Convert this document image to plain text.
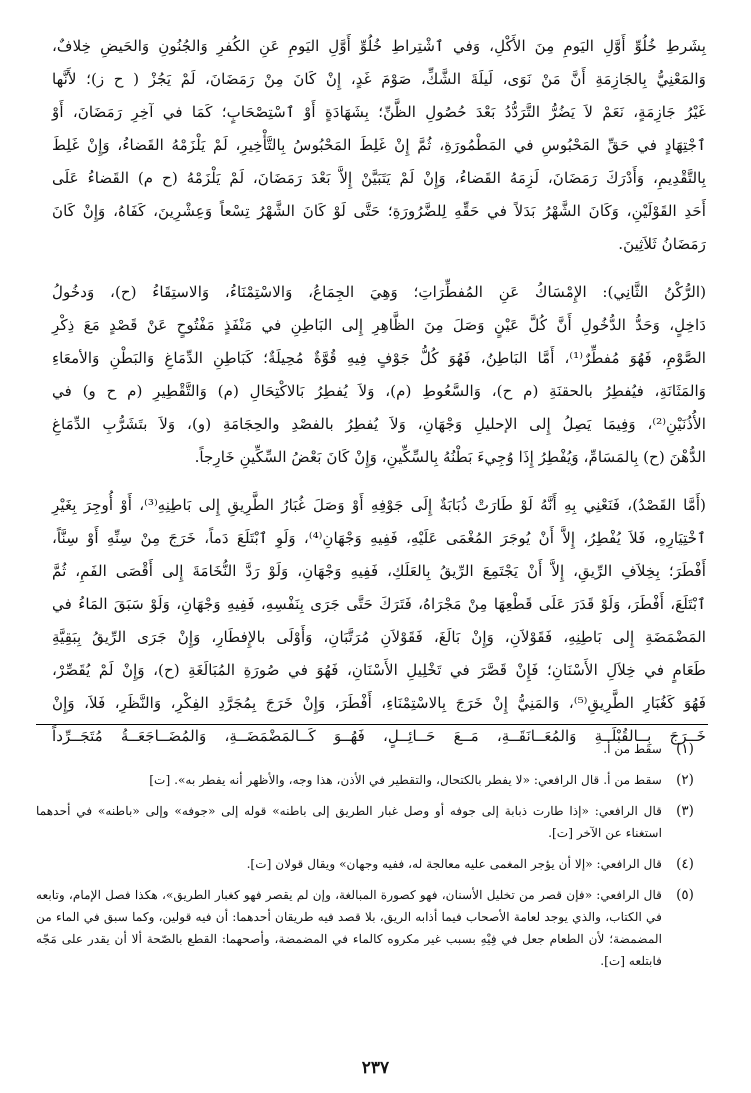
بِشَرطِ خُلُوِّ أَوَّلِ اليَومِ مِنَ الأَكْلِ، وَفي ٱشْتِراطِ خُلُوِّ أَوَّلِ اليَومِ عَنِ الكُفرِ وَالجُنُونِ وَالحَيضِ خِلافٌ،
وَالمَعْنِيُّ بِالجَازِمَةِ أَنَّ مَنْ نَوَى، لَيلَةَ الشَّكِّ، صَوْمَ غَدٍ، إِنْ كَانَ مِنْ رَمَضَانَ، لَمْ يَجُزْ ( ح ز)؛ لأَنَّها
غَيْرُ جَازِمَةٍ، نَعَمْ لاَ يَضُرُّ التَّرَدُّدُ بَعْدَ حُصُولِ الظَّنِّ؛ بِشَهَادَةٍ أَوْ ٱسْتِصْحَابٍ؛ كَمَا في آخِرِ رَمَضَانَ، أَوْ
ٱجْتِهَادٍ في حَقِّ المَحْبُوسِ في المَطْمُورَةِ، ثُمَّ إِنْ غَلِطَ المَحْبُوسُ بِالتَّأْخِيرِ، لَمْ يَلْزَمْهُ القَضاءُ، وَإِنْ غَلِطَ
بِالتَّقْدِيمِ، وَأَدْرَكَ رَمَضَانَ، لَزِمَهُ القَضاءُ، وَإِنْ لَمْ يَتَبَيَّنْ إِلاَّ بَعْدَ رَمَضَانَ، لَمْ يَلْزَمْهُ (ح م) القَضاءُ عَلَى
أَحَدِ القَوْلَيْنِ، وَكَانَ الشَّهْرُ بَدَلاً في حَقِّهِ لِلضَّرُورَةِ؛ حَتَّى لَوْ كَانَ الشَّهْرُ تِسْعاً وَعِشْرِينَ، كَفَاهُ، وَإِنْ كَانَ
رَمَضَانُ ثَلاَثِينَ.
(الرُّكْنُ الثَّانِي): الإِمْسَاكُ عَنِ المُفطِّرَاتِ؛ وَهِيَ الجِمَاعُ، وَالاسْتِمْنَاءُ، وَالاستِقَاءُ (ح)، وَدخُولُ
دَاخِلٍ، وَحَدُّ الدُّخُولِ أَنَّ كُلَّ عَيْنٍ وَصَلَ مِنَ الظَّاهِرِ إِلى البَاطِنِ في مَنْفَذٍ مَفْتُوحٍ عَنْ قَصْدٍ مَعَ ذِكْرِ
الصَّوْمِ، فَهُوَ مُفطِّرٌ⁽¹⁾، أَمَّا البَاطِنُ، فَهُوَ كُلُّ جَوْفٍ فِيهِ قُوَّةٌ مُحِيلَةٌ؛ كَبَاطِنِ الدِّمَاغِ وَالبَطْنِ وَالأمعَاءِ
وَالمَثَانَةِ، فيُفطِرُ بالحقنَةِ (م ح)، وَالسَّعُوطِ (م)، وَلاَ يُفطِرُ بَالاكْتِحَالِ (م) وَالتَّقْطِيرِ (م ح و) في
الأُذُنَيْنِ⁽²⁾، وَفِيمَا يَصِلُ إِلى الإحليلِ وَجْهَانِ، وَلاَ يُفطِرُ بالفصْدِ والحِجَامَةِ (و)، وَلاَ بتَشَرُّبِ الدِّمَاغِ
الدُّهْنَ (ح) بِالمَسَامِّ، وَيُفْطِرُ إِذَا وُجِيءَ بَطْنُهُ بِالسِّكِّينِ، وَإِنْ كَانَ بَعْضُ السِّكِّينِ خَارِجاً.
(أَمَّا القَصْدُ)، فَنَعْنِي بِهِ أَنَّهُ لَوْ طَارَتْ ذُبَابَةٌ إِلَى جَوْفِهِ أَوْ وَصَلَ غُبَارُ الطَّرِيقِ إِلى بَاطِنِهِ⁽³⁾، أَوْ أُوجِرَ بِغَيْرِ
ٱخْتِيَارِهِ، فَلاَ يُفْطِرُ، إِلاَّ أَنْ يُوجَرَ المُغْمَى عَلَيْهِ، فَفِيهِ وَجْهَانِ⁽⁴⁾، وَلَوِ ٱبْتَلَعَ دَماً، خَرَجَ مِنْ سِنِّهِ أَوْ سِنَّاً،
أَفْطَرَ؛ بِخِلاَفِ الرِّيقِ، إِلاَّ أَنْ يَجْتَمِعَ الرِّيقُ بِالعَلَكِ، فَفِيهِ وَجْهَانِ، وَلَوْ رَدَّ النُّخَامَةَ إِلى أَقْصَى الفَمِ، ثُمَّ
ٱبْتَلَعَ، أَفْطَرَ، وَلَوْ قَدَرَ عَلَى قَطْعِهَا مِنْ مَجْرَاهُ، فَتَرَكَ حَتَّى جَرَى بِنَفْسِهِ، فَفِيهِ وَجْهَانِ، وَلَوْ سَبَقَ المَاءُ في
المَضْمَضَةِ إِلى بَاطِنِهِ، فَقَوْلاَنِ، وَإِنْ بَالَغَ، فَقَوْلاَنِ مُرَتَّبَانِ، وَأَوْلَى بالإِفطَارِ، وَإِنْ جَرَى الرِّيقُ بِبَقِيَّةِ
طَعَامٍ في خِلاَلِ الأَسْنَانِ؛ فَإِنْ قَصَّرَ في تَخْلِيلِ الأَسْنَانِ، فَهُوَ في صُورَةِ المُبَالَغَةِ (ح)، وَإِنْ لَمْ يُقَصِّرْ،
فَهُوَ كَغُبَارِ الطَّرِيقِ⁽⁵⁾، وَالمَنِيُّ إِنْ خَرَجَ بِالاسْتِمْنَاءِ، أَفْطَرَ، وَإِنْ خَرَجَ بِمُجَرَّدِ الفِكْرِ، وَالنَّظَرِ، فَلاَ، وَإِنْ
خَــرَجَ بِــالقُبْلَــةِ وَالمُعَــانَقَــةِ، مَــعَ حَــائِــلٍ، فَهُــوَ كَــالمَضْمَضَــةِ، وَالمُضَــاجَعَــةُ مُتَجَــرِّداً
(١)
سقط من أ.
(٢)
سقط من أ. قال الرافعي: «لا يفطر بالكتحال، والتقطير في الأذن، هذا وجه، والأظهر أنه يفطر به». [ت]
(٣)
قال الرافعي: «إذا طارت ذبابة إلى جوفه أو وصل غبار الطريق إلى باطنه» قوله إلى «جوفه» وإلى «باطنه» في أحدهما استغناء عن الآخر [ت].
(٤)
قال الرافعي: «إلا أن يؤجر المغمى عليه معالجة له، ففيه وجهان» ويقال قولان [ت].
(٥)
قال الرافعي: «فإن قصر من تخليل الأسنان، فهو كصورة المبالغة، وإن لم يقصر فهو كغبار الطريق»، هكذا فصل الإمام، وتابعه في الكتاب، والذي يوجد لعامة الأصحاب فيما أذابه الريق، بلا قصد فيه طريقان أحدهما: أن فيه قولين، وكما سبق في الماء من المضمضة؛ لأن الطعام جعل في فِيْهِ بسبب غير مكروه كالماء في المضمضة، وأصحهما: القطع بالصّحة ألا أن يقدر على مَجّه فابتلعه [ت].
٢٣٧
